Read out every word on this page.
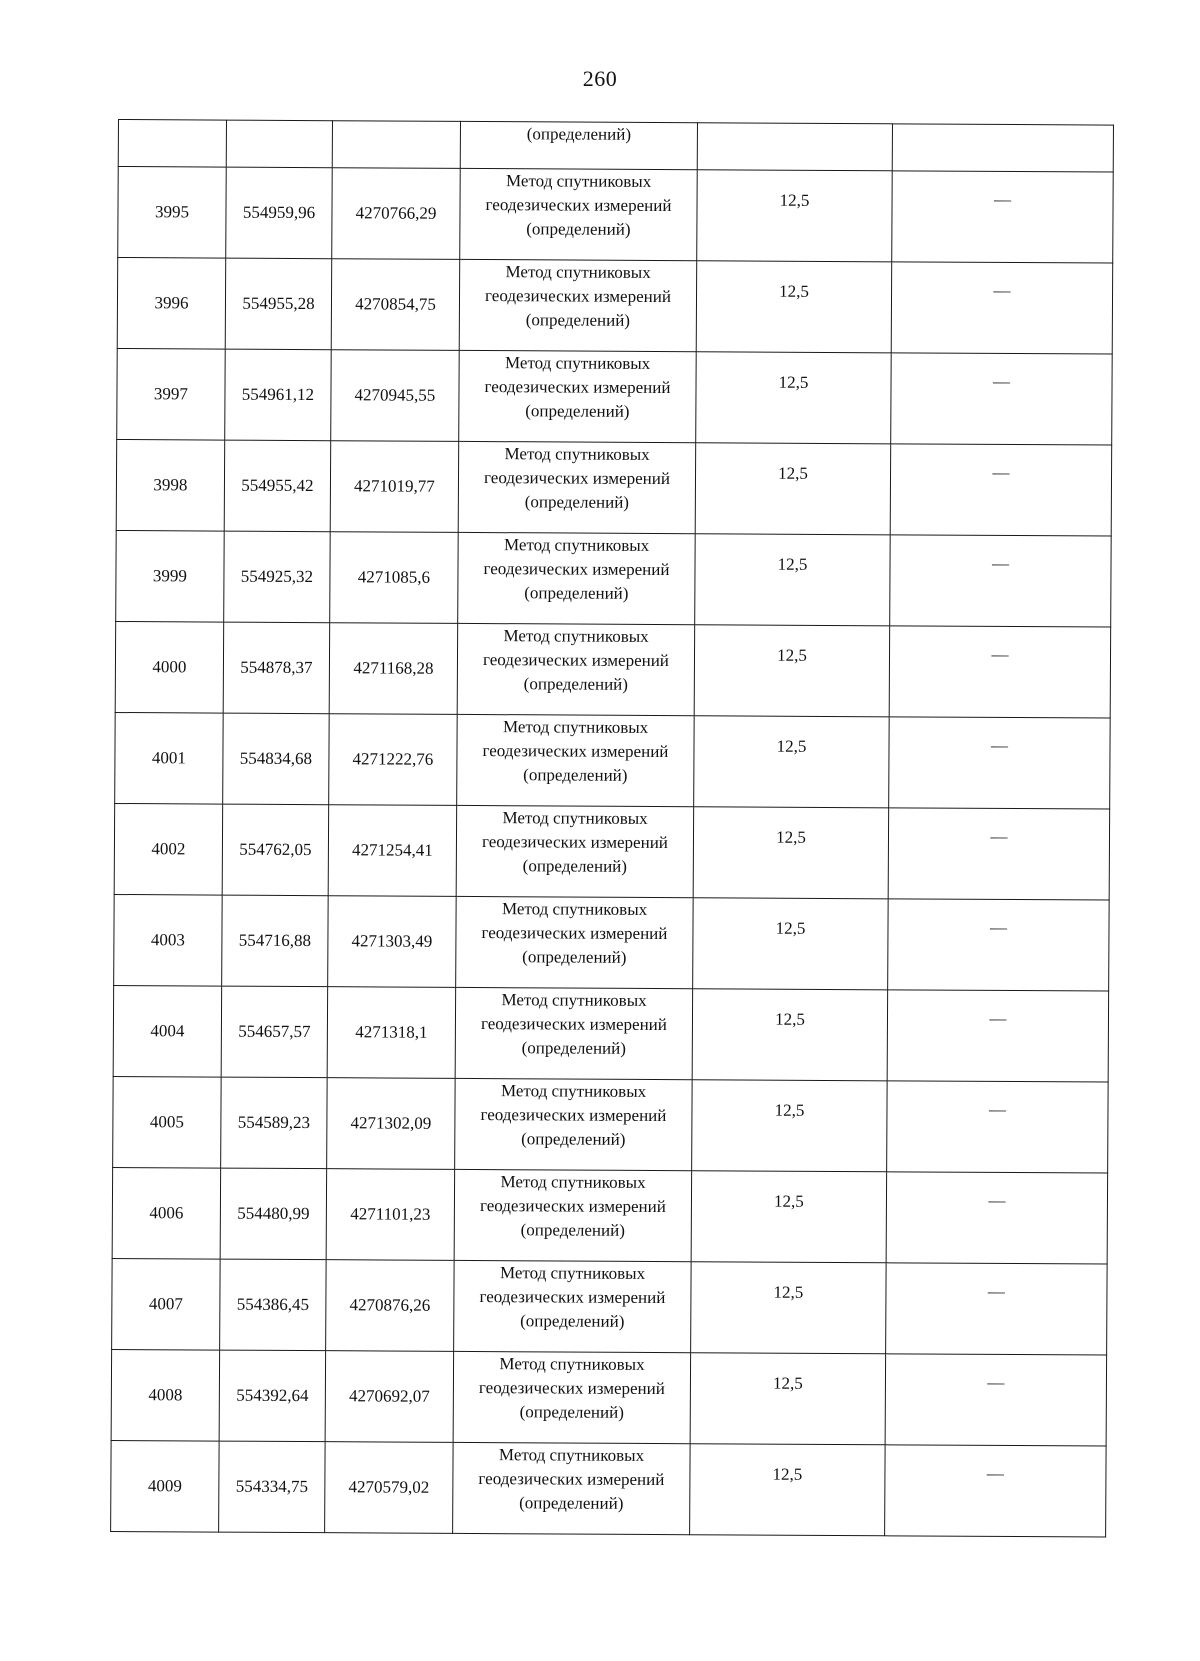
260
			(определений)		
3995	554959,96	4270766,29	Метод спутниковых
геодезических измерений
(определений)	12,5	—
3996	554955,28	4270854,75	Метод спутниковых
геодезических измерений
(определений)	12,5	—
3997	554961,12	4270945,55	Метод спутниковых
геодезических измерений
(определений)	12,5	—
3998	554955,42	4271019,77	Метод спутниковых
геодезических измерений
(определений)	12,5	—
3999	554925,32	4271085,6	Метод спутниковых
геодезических измерений
(определений)	12,5	—
4000	554878,37	4271168,28	Метод спутниковых
геодезических измерений
(определений)	12,5	—
4001	554834,68	4271222,76	Метод спутниковых
геодезических измерений
(определений)	12,5	—
4002	554762,05	4271254,41	Метод спутниковых
геодезических измерений
(определений)	12,5	—
4003	554716,88	4271303,49	Метод спутниковых
геодезических измерений
(определений)	12,5	—
4004	554657,57	4271318,1	Метод спутниковых
геодезических измерений
(определений)	12,5	—
4005	554589,23	4271302,09	Метод спутниковых
геодезических измерений
(определений)	12,5	—
4006	554480,99	4271101,23	Метод спутниковых
геодезических измерений
(определений)	12,5	—
4007	554386,45	4270876,26	Метод спутниковых
геодезических измерений
(определений)	12,5	—
4008	554392,64	4270692,07	Метод спутниковых
геодезических измерений
(определений)	12,5	—
4009	554334,75	4270579,02	Метод спутниковых
геодезических измерений
(определений)	12,5	—
